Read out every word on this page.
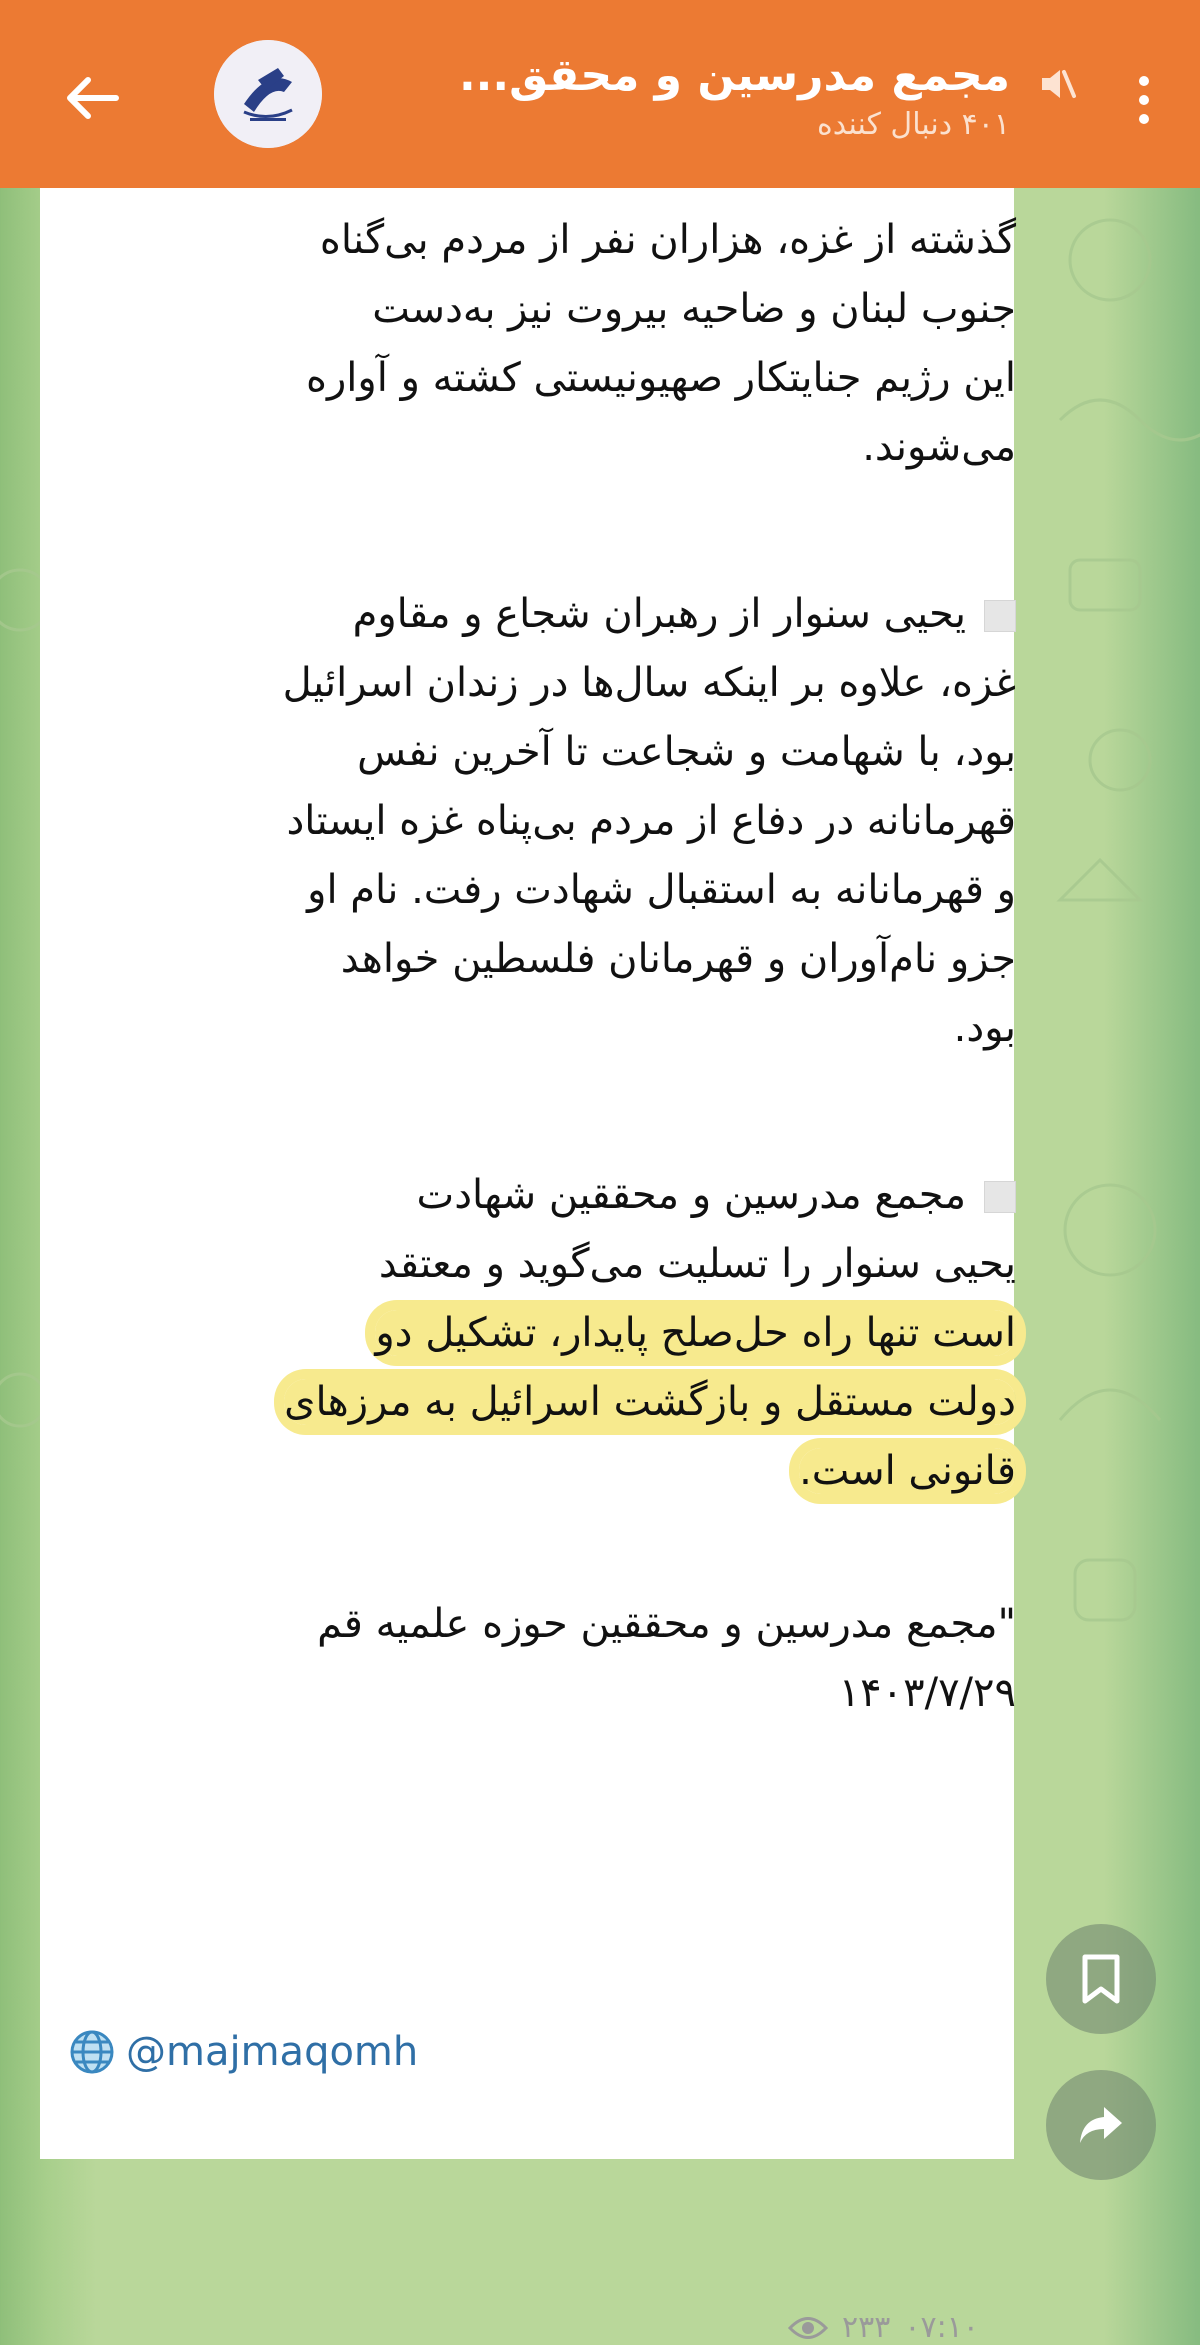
مجمع مدرسین و محقق...
۴۰۱ دنبال کننده

گذشته از غزه، هزاران نفر از مردم بی‌گناه

جنوب لبنان و ضاحیه بیروت نیز به‌دست

این رژیم جنایتکار صهیونیستی کشته و آواره

می‌شوند.

یحیی سنوار از رهبران شجاع و مقاوم

غزه، علاوه بر اینکه سال‌ها در زندان اسرائیل

بود، با شهامت و شجاعت تا آخرین نفس

قهرمانانه در دفاع از مردم بی‌پناه غزه ایستاد

و قهرمانانه به استقبال شهادت رفت. نام او

جزو نام‌آوران و قهرمانان فلسطین خواهد

بود.

مجمع مدرسین و محققین شهادت

یحیی سنوار را تسلیت می‌گوید و معتقد

است تنها راه حل‌صلح پایدار، تشکیل دو

دولت مستقل و بازگشت اسرائیل به مرزهای

قانونی است.

"مجمع مدرسین و محققین حوزه علمیه قم

۱۴۰۳/۷/۲۹

@majmaqomh
۲۳۳ ۰۷:۱۰
